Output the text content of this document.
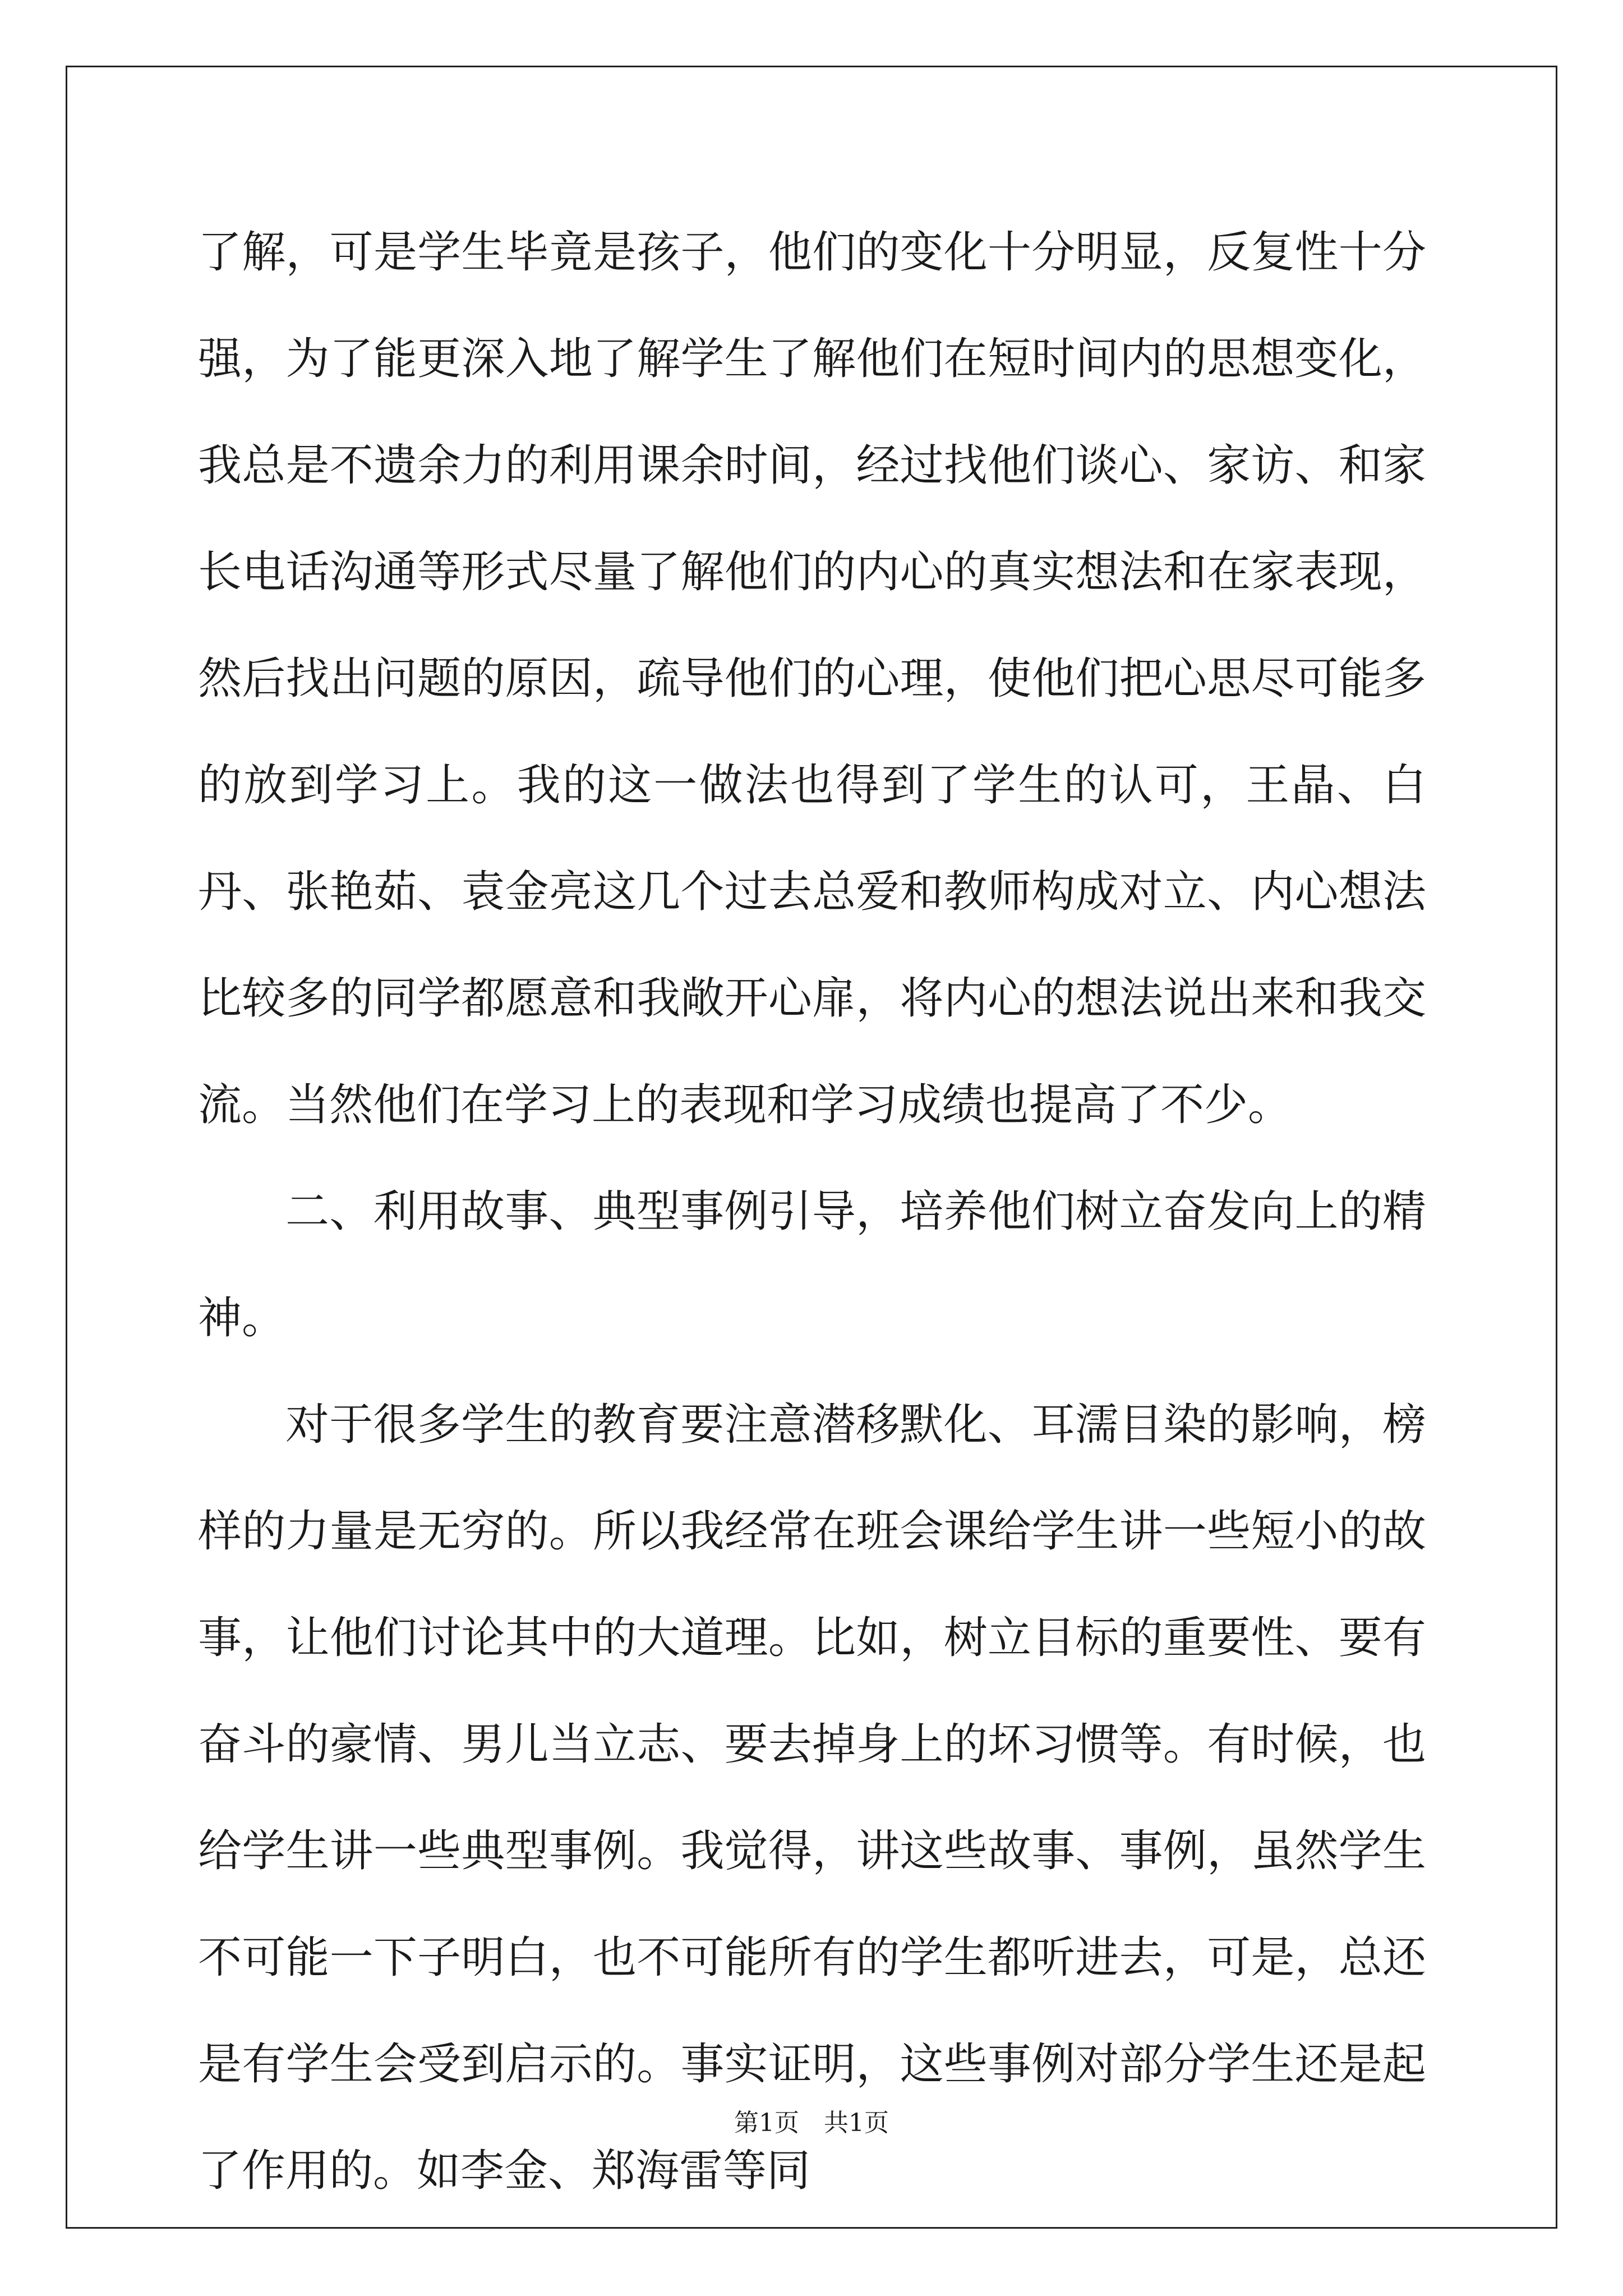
了解，可是学生毕竟是孩子，他们的变化十分明显，反复性十分强，为了能更深入地了解学生了解他们在短时间内的思想变化，我总是不遗余力的利用课余时间，经过找他们谈心、家访、和家长电话沟通等形式尽量了解他们的内心的真实想法和在家表现，然后找出问题的原因，疏导他们的心理，使他们把心思尽可能多的放到学习上。我的这一做法也得到了学生的认可，王晶、白丹、张艳茹、袁金亮这几个过去总爱和教师构成对立、内心想法比较多的同学都愿意和我敞开心扉，将内心的想法说出来和我交流。当然他们在学习上的表现和学习成绩也提高了不少。

二、利用故事、典型事例引导，培养他们树立奋发向上的精神。

对于很多学生的教育要注意潜移默化、耳濡目染的影响，榜样的力量是无穷的。所以我经常在班会课给学生讲一些短小的故事，让他们讨论其中的大道理。比如，树立目标的重要性、要有奋斗的豪情、男儿当立志、要去掉身上的坏习惯等。有时候，也给学生讲一些典型事例。我觉得，讲这些故事、事例，虽然学生不可能一下子明白，也不可能所有的学生都听进去，可是，总还是有学生会受到启示的。事实证明，这些事例对部分学生还是起了作用的。如李金、郑海雷等同

第1页　共1页
